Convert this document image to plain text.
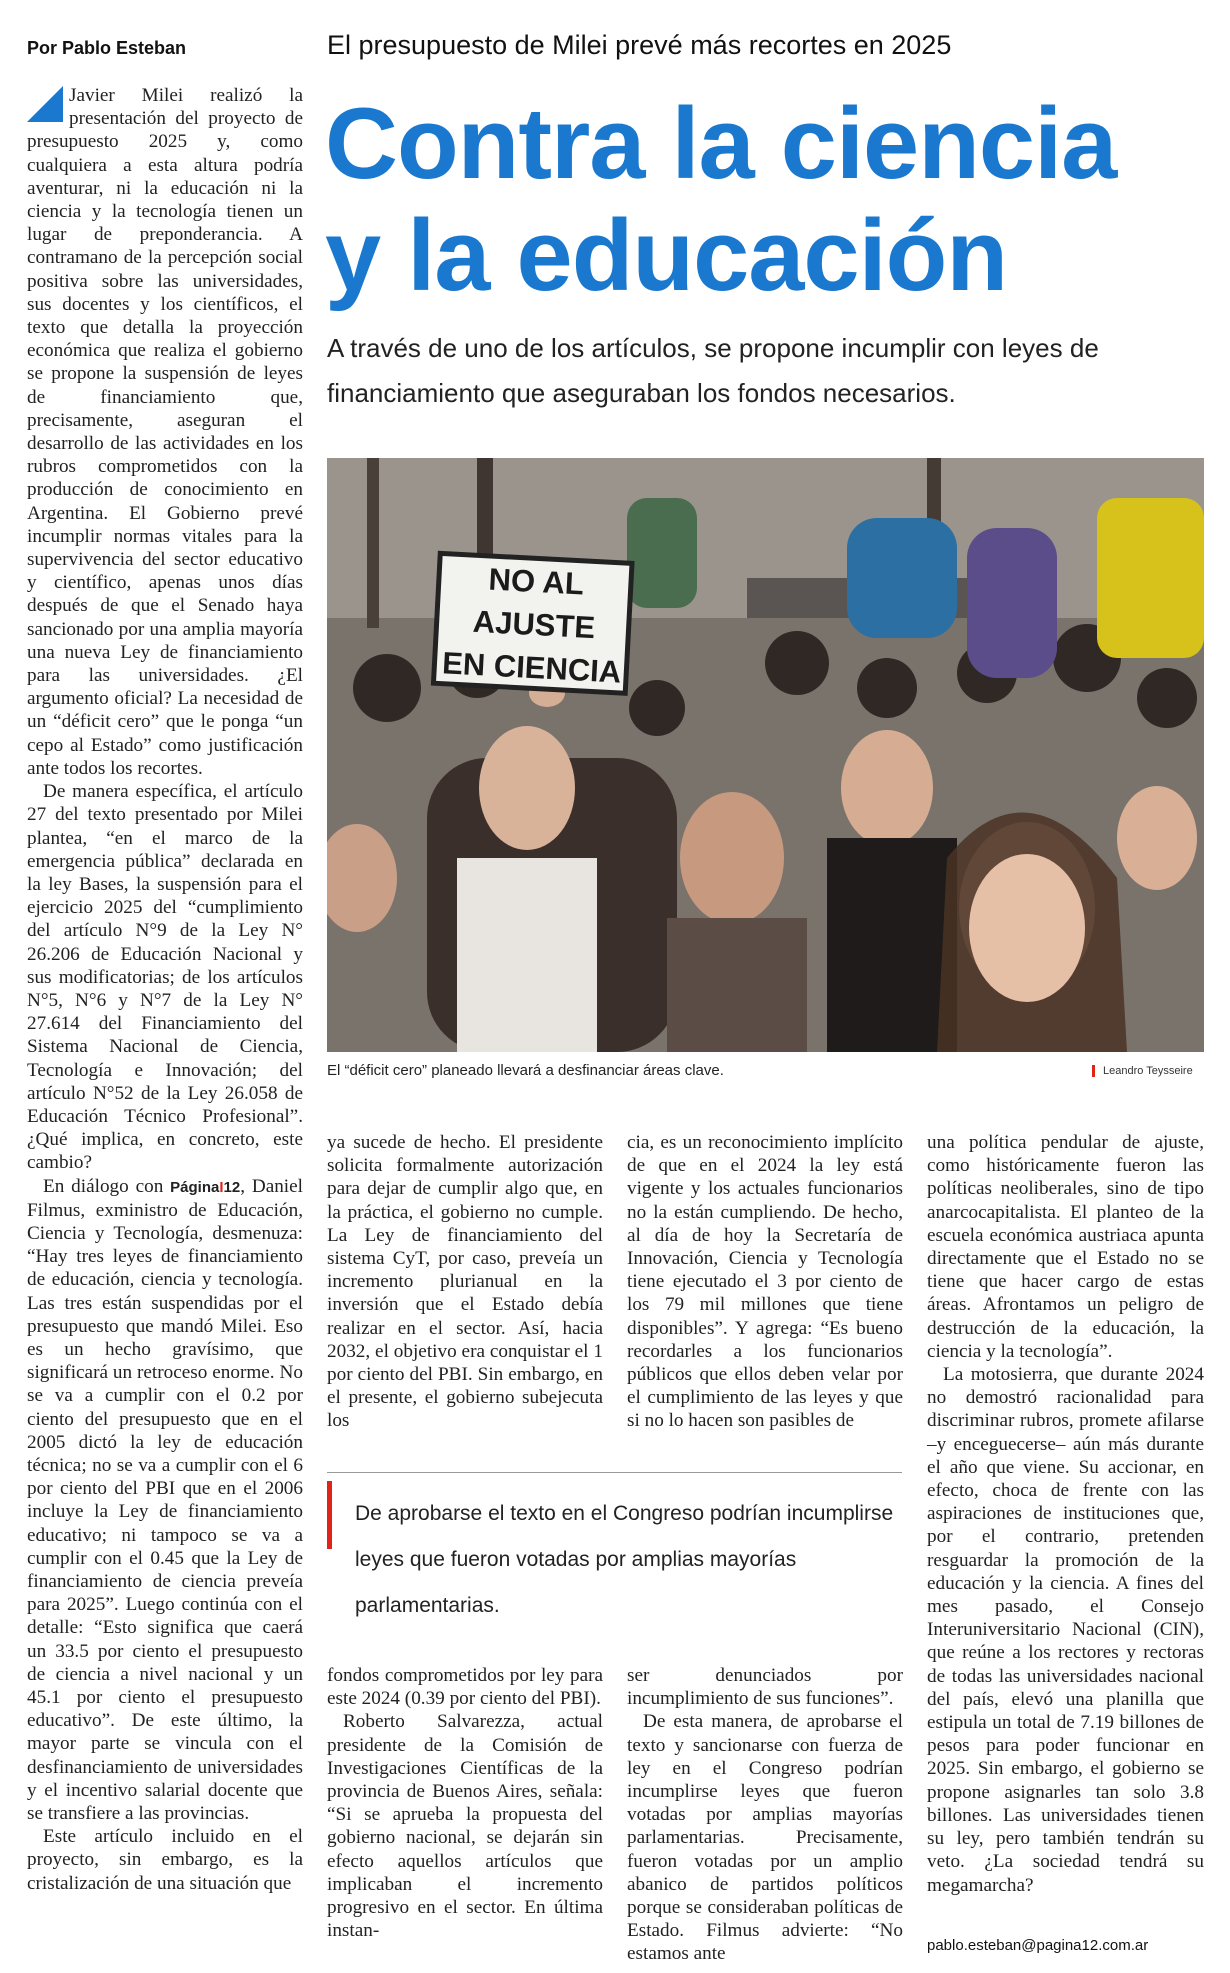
Por Pablo Esteban	El presupuesto de Milei prevé más recortes en 2025
Contra la ciencia
y la educación
A través de uno de los artículos, se propone incumplir con leyes de financiamiento que aseguraban los fondos necesarios.
NO AL
AJUSTE
EN CIENCIA
El “déficit cero” planeado llevará a desfinanciar áreas clave.	Leandro Teysseire

Javier Milei realizó la presentación del proyecto de presupuesto 2025 y, como cualquiera a esta altura podría aventurar, ni la educación ni la ciencia y la tecnología tienen un lugar de preponderancia. A contramano de la percepción social positiva sobre las universidades, sus docentes y los científicos, el texto que detalla la proyección económica que realiza el gobierno se propone la suspensión de leyes de financiamiento que, precisamente, aseguran el desarrollo de las actividades en los rubros comprometidos con la producción de conocimiento en Argentina. El Gobierno prevé incumplir normas vitales para la supervivencia del sector educativo y científico, apenas unos días después de que el Senado haya sancionado por una amplia mayoría una nueva Ley de financiamiento para las universidades. ¿El argumento oficial? La necesidad de un “déficit cero” que le ponga “un cepo al Estado” como justificación ante todos los recortes.

De manera específica, el artículo 27 del texto presentado por Milei plantea, “en el marco de la emergencia pública” declarada en la ley Bases, la suspensión para el ejercicio 2025 del “cumplimiento del artículo N°9 de la Ley N° 26.206 de Educación Nacional y sus modificatorias; de los artículos N°5, N°6 y N°7 de la Ley N° 27.614 del Financiamiento del Sistema Nacional de Ciencia, Tecnología e Innovación; del artículo N°52 de la Ley 26.058 de Educación Técnico Profesional”. ¿Qué implica, en concreto, este cambio?

En diálogo con PáginaI12, Daniel Filmus, exministro de Educación, Ciencia y Tecnología, desmenuza: “Hay tres leyes de financiamiento de educación, ciencia y tecnología. Las tres están suspendidas por el presupuesto que mandó Milei. Eso es un hecho gravísimo, que significará un retroceso enorme. No se va a cumplir con el 0.2 por ciento del presupuesto que en el 2005 dictó la ley de educación técnica; no se va a cumplir con el 6 por ciento del PBI que en el 2006 incluye la Ley de financiamiento educativo; ni tampoco se va a cumplir con el 0.45 que la Ley de financiamiento de ciencia preveía para 2025”. Luego continúa con el detalle: “Esto significa que caerá un 33.5 por ciento el presupuesto de ciencia a nivel nacional y un 45.1 por ciento el presupuesto educativo”. De este último, la mayor parte se vincula con el desfinanciamiento de universidades y el incentivo salarial docente que se transfiere a las provincias.

Este artículo incluido en el proyecto, sin embargo, es la cristalización de una situación que

ya sucede de hecho. El presidente solicita formalmente autorización para dejar de cumplir algo que, en la práctica, el gobierno no cumple. La Ley de financiamiento del sistema CyT, por caso, preveía un incremento plurianual en la inversión que el Estado debía realizar en el sector. Así, hacia 2032, el objetivo era conquistar el 1 por ciento del PBI. Sin embargo, en el presente, el gobierno subejecuta los

cia, es un reconocimiento implícito de que en el 2024 la ley está vigente y los actuales funcionarios no la están cumpliendo. De hecho, al día de hoy la Secretaría de Innovación, Ciencia y Tecnología tiene ejecutado el 3 por ciento de los 79 mil millones que tiene disponibles”. Y agrega: “Es bueno recordarles a los funcionarios públicos que ellos deben velar por el cumplimiento de las leyes y que si no lo hacen son pasibles de

De aprobarse el texto en el Congreso podrían incumplirse leyes que fueron votadas por amplias mayorías parlamentarias.

fondos comprometidos por ley para este 2024 (0.39 por ciento del PBI).

Roberto Salvarezza, actual presidente de la Comisión de Investigaciones Científicas de la provincia de Buenos Aires, señala: “Si se aprueba la propuesta del gobierno nacional, se dejarán sin efecto aquellos artículos que implicaban el incremento progresivo en el sector. En última instan-

ser denunciados por incumplimiento de sus funciones”.

De esta manera, de aprobarse el texto y sancionarse con fuerza de ley en el Congreso podrían incumplirse leyes que fueron votadas por amplias mayorías parlamentarias. Precisamente, fueron votadas por un amplio abanico de partidos políticos porque se consideraban políticas de Estado. Filmus advierte: “No estamos ante

una política pendular de ajuste, como históricamente fueron las políticas neoliberales, sino de tipo anarcocapitalista. El planteo de la escuela económica austriaca apunta directamente que el Estado no se tiene que hacer cargo de estas áreas. Afrontamos un peligro de destrucción de la educación, la ciencia y la tecnología”.

La motosierra, que durante 2024 no demostró racionalidad para discriminar rubros, promete afilarse –y enceguecerse– aún más durante el año que viene. Su accionar, en efecto, choca de frente con las aspiraciones de instituciones que, por el contrario, pretenden resguardar la promoción de la educación y la ciencia. A fines del mes pasado, el Consejo Interuniversitario Nacional (CIN), que reúne a los rectores y rectoras de todas las universidades nacional del país, elevó una planilla que estipula un total de 7.19 billones de pesos para poder funcionar en 2025. Sin embargo, el gobierno se propone asignarles tan solo 3.8 billones. Las universidades tienen su ley, pero también tendrán su veto. ¿La sociedad tendrá su megamarcha?

pablo.esteban@pagina12.com.ar
